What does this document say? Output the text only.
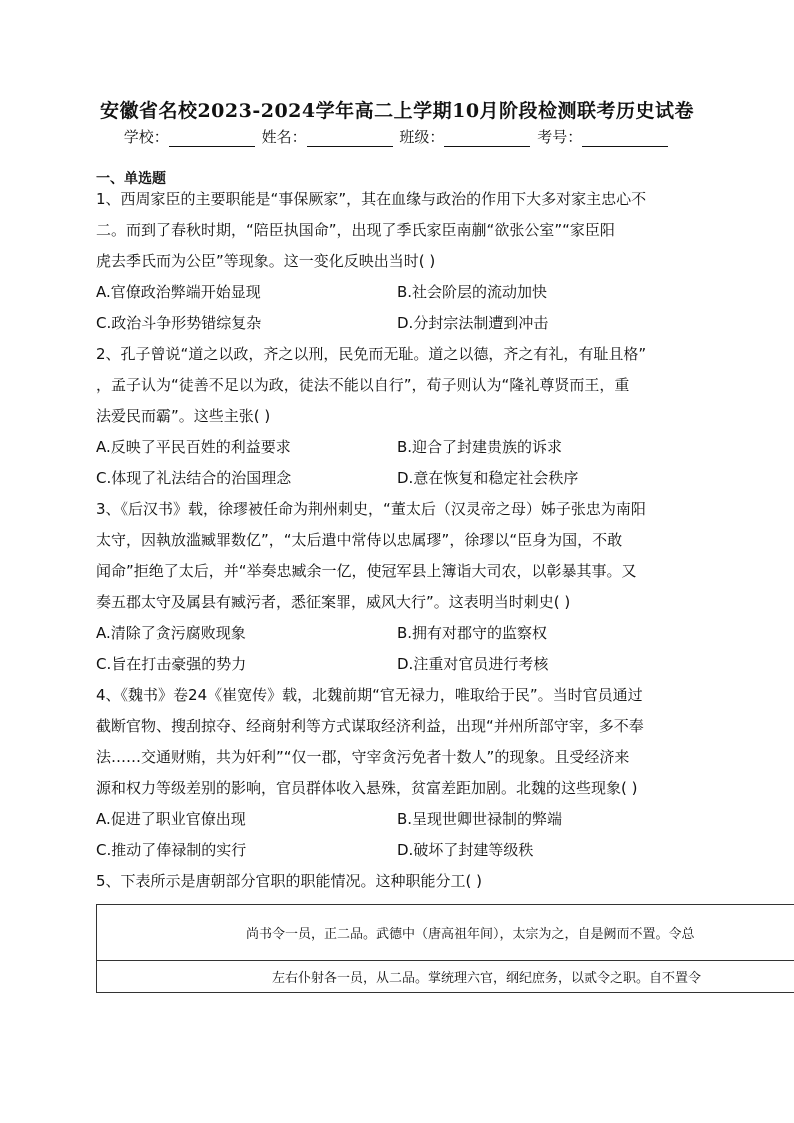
安徽省名校2023-2024学年高二上学期10月阶段检测联考历史试卷
学校：	姓名：	班级：	考号：
一、单选题

1、西周家臣的主要职能是“事保厥家”，其在血缘与政治的作用下大多对家主忠心不

二。而到了春秋时期，“陪臣执国命”，出现了季氏家臣南蒯“欲张公室”“家臣阳

虎去季氏而为公臣”等现象。这一变化反映出当时( )

A.官僚政治弊端开始显现	B.社会阶层的流动加快
C.政治斗争形势错综复杂	D.分封宗法制遭到冲击

2、孔子曾说“道之以政，齐之以刑，民免而无耻。道之以德，齐之有礼，有耻且格”

，孟子认为“徒善不足以为政，徒法不能以自行”，荀子则认为“隆礼尊贤而王，重

法爱民而霸”。这些主张( )

A.反映了平民百姓的利益要求	B.迎合了封建贵族的诉求
C.体现了礼法结合的治国理念	D.意在恢复和稳定社会秩序

3、《后汉书》载，徐璆被任命为荆州刺史，“董太后（汉灵帝之母）姊子张忠为南阳

太守，因執放滥臧罪数亿”，“太后遣中常侍以忠属璆”，徐璆以“臣身为国，不敢

闻命”拒绝了太后，并“举奏忠臧余一亿，使冠军县上簿诣大司农，以彰暴其事。又

奏五郡太守及属县有臧污者，悉征案罪，威风大行”。这表明当时刺史( )

A.清除了贪污腐败现象	B.拥有对郡守的监察权
C.旨在打击豪强的势力	D.注重对官员进行考核

4、《魏书》卷24《崔宽传》载，北魏前期“官无禄力，唯取给于民”。当时官员通过

截断官物、搜刮掠夺、经商射利等方式谋取经济利益，出现“并州所部守宰，多不奉

法……交通财贿，共为奸利”“仅一郡，守宰贪污免者十数人”的现象。且受经济来

源和权力等级差别的影响，官员群体收入悬殊，贫富差距加剧。北魏的这些现象( )

A.促进了职业官僚出现	B.呈现世卿世禄制的弊端
C.推动了俸禄制的实行	D.破坏了封建等级秩

5、下表所示是唐朝部分官职的职能情况。这种职能分工( )

尚书令一员，正二品。武德中（唐高祖年间），太宗为之，自是阙而不置。令总
左右仆射各一员，从二品。掌统理六官，纲纪庶务，以贰令之职。自不置令
